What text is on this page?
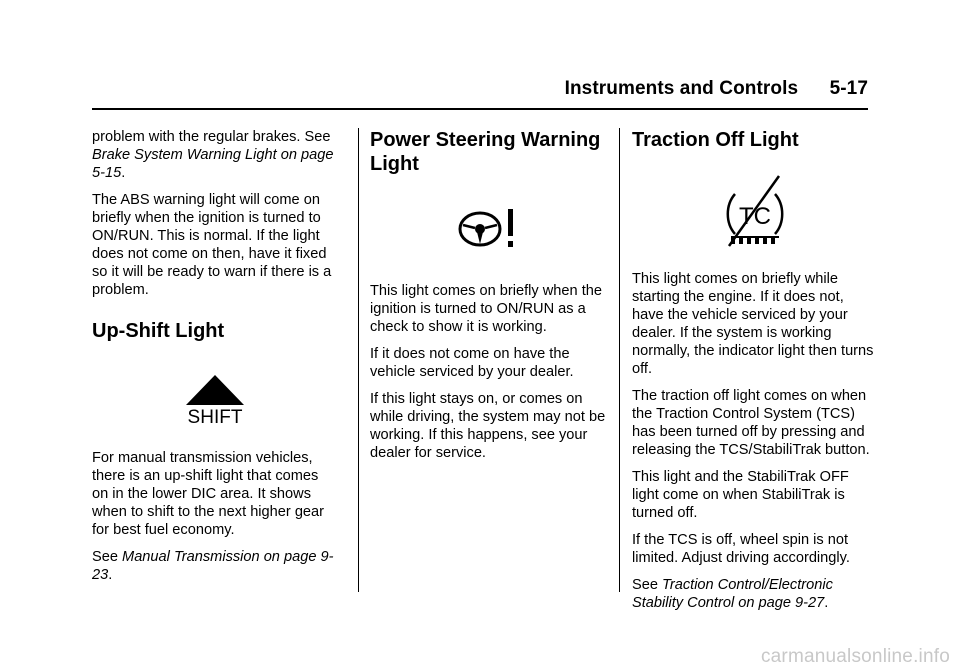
Instruments and Controls 5-17

problem with the regular brakes. See Brake System Warning Light on page 5-15.

The ABS warning light will come on briefly when the ignition is turned to ON/RUN. This is normal. If the light does not come on then, have it fixed so it will be ready to warn if there is a problem.

Up-Shift Light
SHIFT

For manual transmission vehicles, there is an up-shift light that comes on in the lower DIC area. It shows when to shift to the next higher gear for best fuel economy.

See Manual Transmission on page 9-23.

Power Steering Warning Light

This light comes on briefly when the ignition is turned to ON/RUN as a check to show it is working.

If it does not come on have the vehicle serviced by your dealer.

If this light stays on, or comes on while driving, the system may not be working. If this happens, see your dealer for service.

Traction Off Light
TC

This light comes on briefly while starting the engine. If it does not, have the vehicle serviced by your dealer. If the system is working normally, the indicator light then turns off.

The traction off light comes on when the Traction Control System (TCS) has been turned off by pressing and releasing the TCS/StabiliTrak button.

This light and the StabiliTrak OFF light come on when StabiliTrak is turned off.

If the TCS is off, wheel spin is not limited. Adjust driving accordingly.

See Traction Control/Electronic Stability Control on page 9-27.

carmanualsonline.info
